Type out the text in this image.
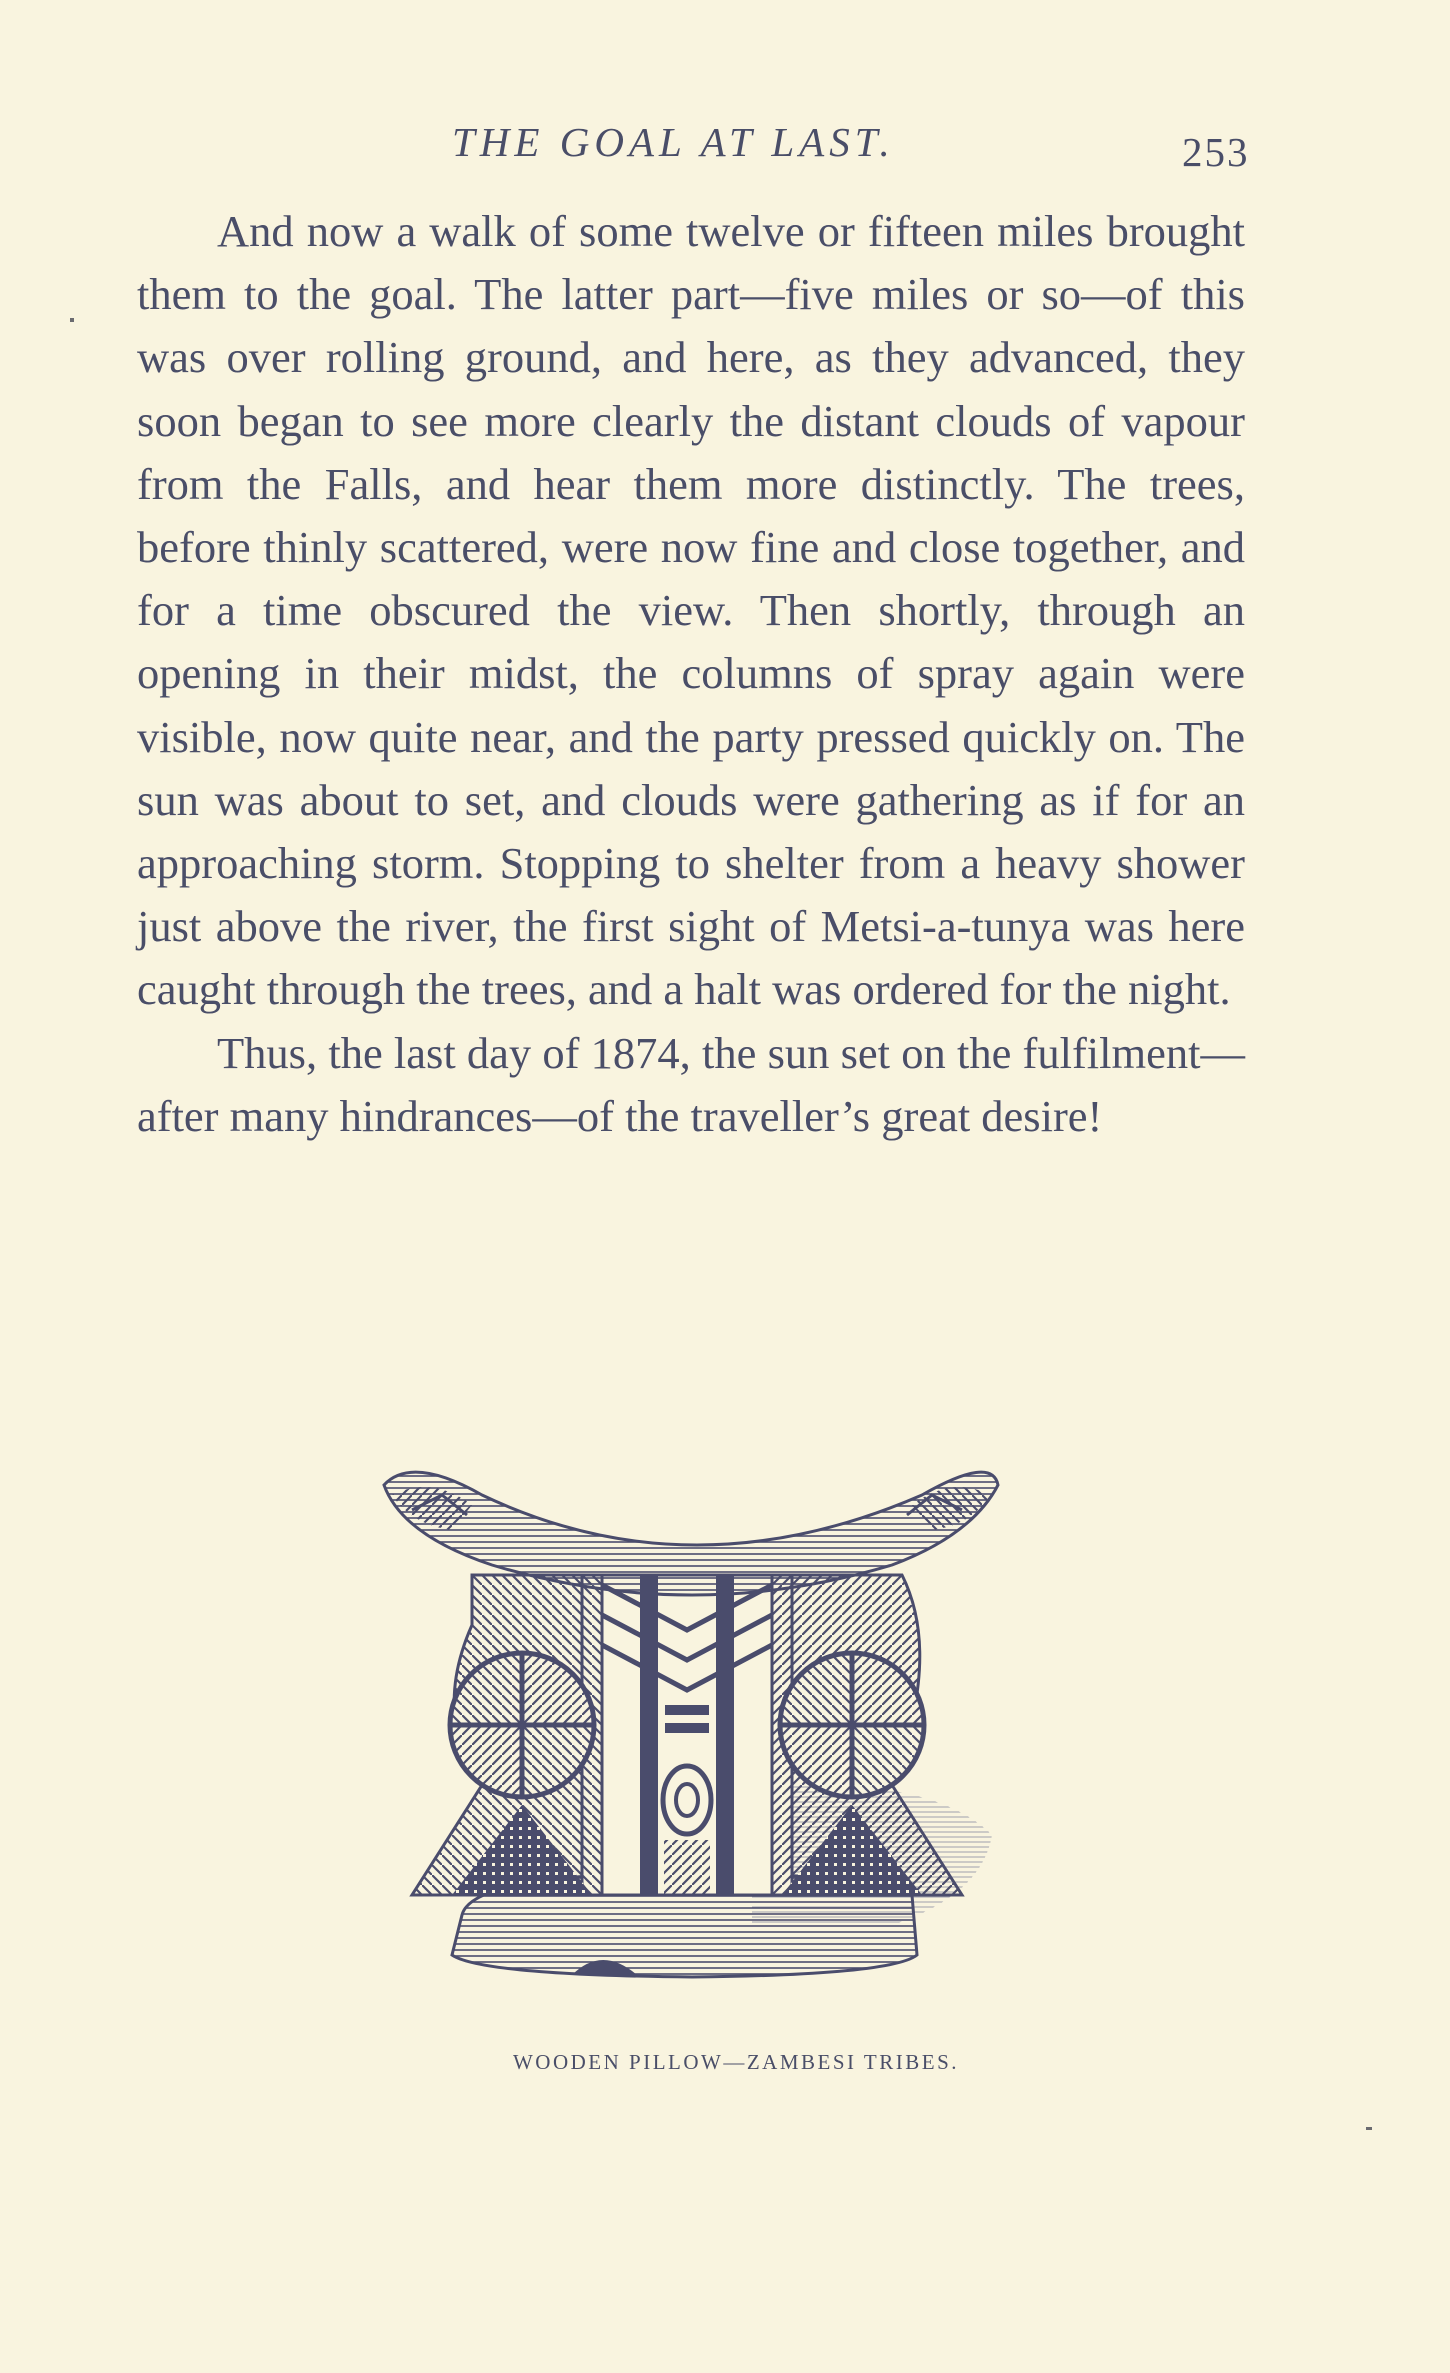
THE GOAL AT LAST.	253

And now a walk of some twelve or fifteen miles brought them to the goal. The latter part—five miles or so—of this was over rolling ground, and here, as they advanced, they soon began to see more clearly the distant clouds of vapour from the Falls, and hear them more distinctly. The trees, before thinly scattered, were now fine and close together, and for a time obscured the view. Then shortly, through an opening in their midst, the columns of spray again were visible, now quite near, and the party pressed quickly on. The sun was about to set, and clouds were gathering as if for an approaching storm. Stopping to shelter from a heavy shower just above the river, the first sight of Metsi-a-tunya was here caught through the trees, and a halt was ordered for the night.

Thus, the last day of 1874, the sun set on the fulfilment—after many hindrances—of the traveller’s great desire!

WOODEN PILLOW—ZAMBESI TRIBES.
